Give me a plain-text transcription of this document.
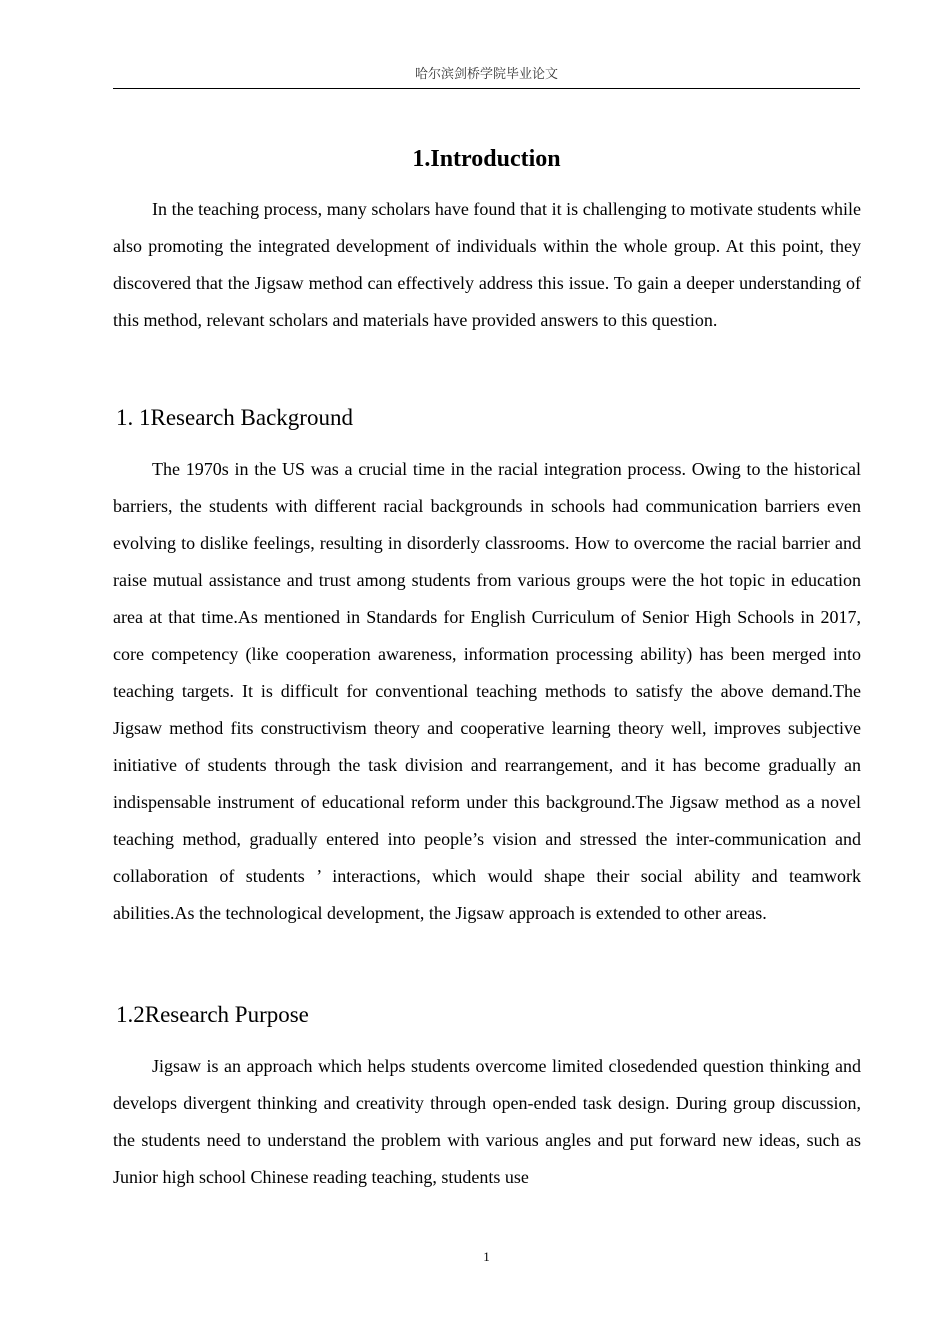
哈尔滨剑桥学院毕业论文
1.Introduction

In the teaching process, many scholars have found that it is challenging to motivate students while also promoting the integrated development of individuals within the whole group. At this point, they discovered that the Jigsaw method can effectively address this issue. To gain a deeper understanding of this method, relevant scholars and materials have provided answers to this question.

1. 1Research Background

The 1970s in the US was a crucial time in the racial integration process. Owing to the historical barriers, the students with different racial backgrounds in schools had communication barriers even evolving to dislike feelings, resulting in disorderly classrooms. How to overcome the racial barrier and raise mutual assistance and trust among students from various groups were the hot topic in education area at that time.As mentioned in Standards for English Curriculum of Senior High Schools in 2017, core competency (like cooperation awareness, information processing ability) has been merged into teaching targets. It is difficult for conventional teaching methods to satisfy the above demand.The Jigsaw method fits constructivism theory and cooperative learning theory well, improves subjective initiative of students through the task division and rearrangement, and it has become gradually an indispensable instrument of educational reform under this background.The Jigsaw method as a novel teaching method, gradually entered into people’s vision and stressed the inter-communication and collaboration of students ’ interactions, which would shape their social ability and teamwork abilities.As the technological development, the Jigsaw approach is extended to other areas.

1.2Research Purpose

Jigsaw is an approach which helps students overcome limited closedended question thinking and develops divergent thinking and creativity through open-ended task design. During group discussion, the students need to understand the problem with various angles and put forward new ideas, such as Junior high school Chinese reading teaching, students use

1
